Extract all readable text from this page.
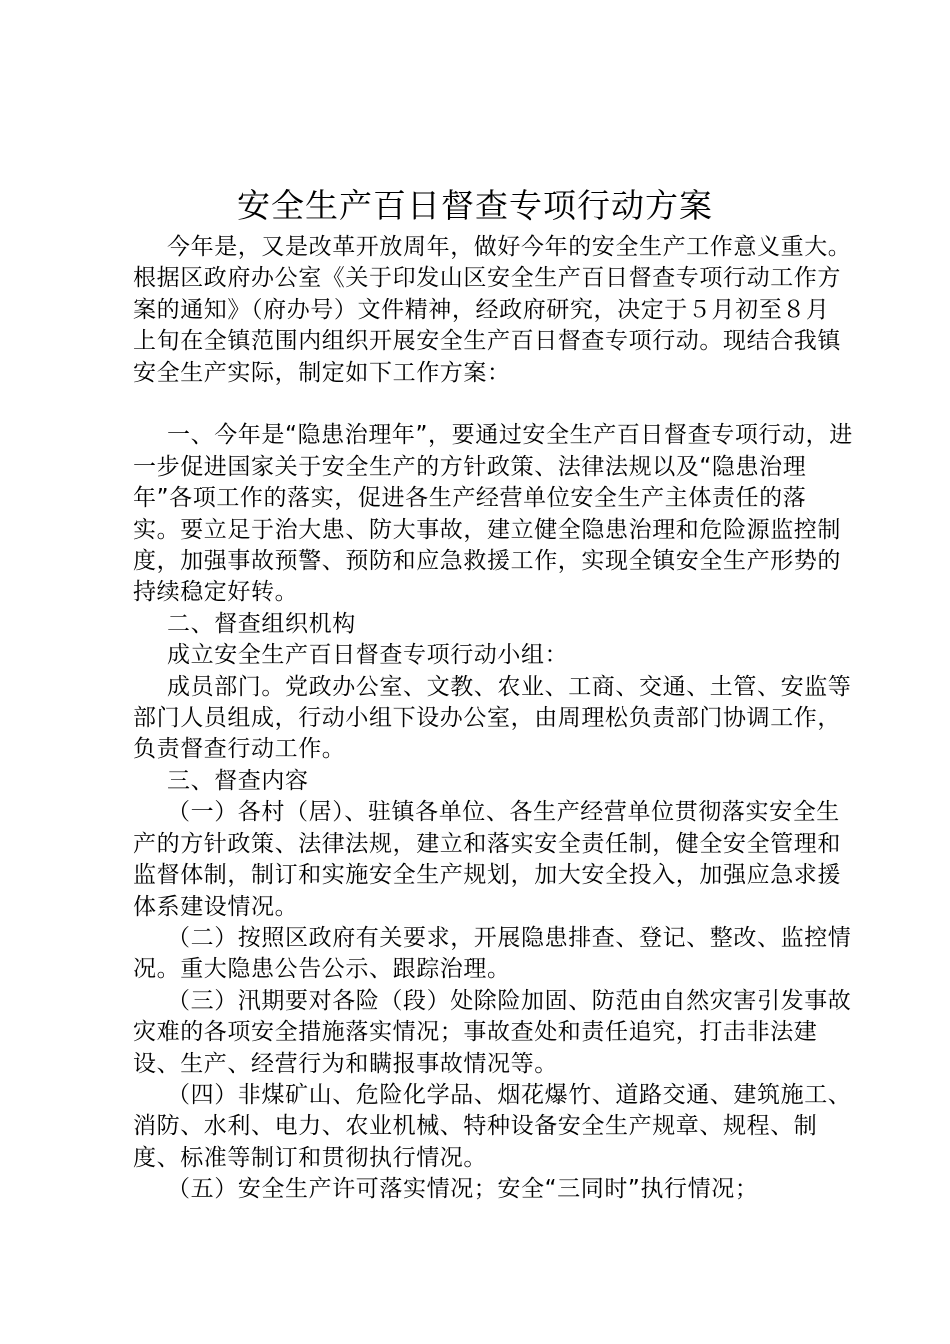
安全生产百日督查专项行动方案

今年是，又是改革开放周年，做好今年的安全生产工作意义重大。根据区政府办公室《关于印发山区安全生产百日督查专项行动工作方案的通知》（府办号）文件精神，经政府研究，决定于５月初至８月上旬在全镇范围内组织开展安全生产百日督查专项行动。现结合我镇安全生产实际，制定如下工作方案：

一、今年是“隐患治理年”，要通过安全生产百日督查专项行动，进一步促进国家关于安全生产的方针政策、法律法规以及“隐患治理年”各项工作的落实，促进各生产经营单位安全生产主体责任的落实。要立足于治大患、防大事故，建立健全隐患治理和危险源监控制度，加强事故预警、预防和应急救援工作，实现全镇安全生产形势的持续稳定好转。

二、督查组织机构

成立安全生产百日督查专项行动小组：

成员部门。党政办公室、文教、农业、工商、交通、土管、安监等部门人员组成，行动小组下设办公室，由周理松负责部门协调工作，负责督查行动工作。

三、督查内容

（一）各村（居）、驻镇各单位、各生产经营单位贯彻落实安全生产的方针政策、法律法规，建立和落实安全责任制，健全安全管理和监督体制，制订和实施安全生产规划，加大安全投入，加强应急求援体系建设情况。

（二）按照区政府有关要求，开展隐患排查、登记、整改、监控情况。重大隐患公告公示、跟踪治理。

（三）汛期要对各险（段）处除险加固、防范由自然灾害引发事故灾难的各项安全措施落实情况；事故查处和责任追究，打击非法建设、生产、经营行为和瞒报事故情况等。

（四）非煤矿山、危险化学品、烟花爆竹、道路交通、建筑施工、消防、水利、电力、农业机械、特种设备安全生产规章、规程、制度、标准等制订和贯彻执行情况。

（五）安全生产许可落实情况；安全“三同时”执行情况；
